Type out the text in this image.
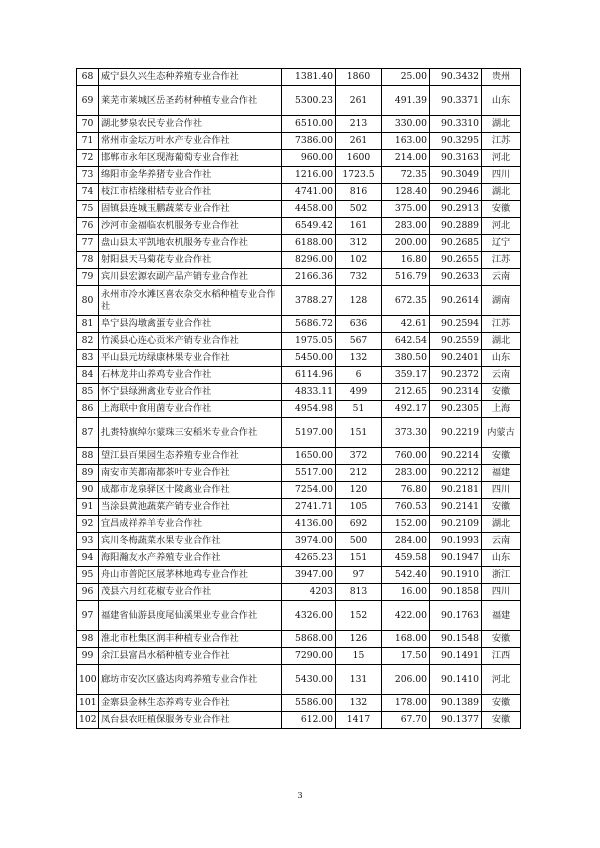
68	威宁县久兴生态种养殖专业合作社	1381.40	1860	25.00	90.3432	贵州
69	莱芜市莱城区岳圣药材种植专业合作社	5300.23	261	491.39	90.3371	山东
70	湖北梦泉农民专业合作社	6510.00	213	330.00	90.3310	湖北
71	常州市金坛万叶水产专业合作社	7386.00	261	163.00	90.3295	江苏
72	邯郸市永年区现海葡萄专业合作社	960.00	1600	214.00	90.3163	河北
73	绵阳市金华养猪专业合作社	1216.00	1723.5	72.35	90.3049	四川
74	枝江市桔缘柑桔专业合作社	4741.00	816	128.40	90.2946	湖北
75	固镇县连城玉鹏蔬菜专业合作社	4458.00	502	375.00	90.2913	安徽
76	沙河市金福临农机服务专业合作社	6549.42	161	283.00	90.2889	河北
77	盘山县太平凯地农机服务专业合作社	6188.00	312	200.00	90.2685	辽宁
78	射阳县天马菊花专业合作社	8296.00	102	16.80	90.2655	江苏
79	宾川县宏源农副产品产销专业合作社	2166.36	732	516.79	90.2633	云南
80	永州市冷水滩区喜农杂交水稻种植专业合作社	3788.27	128	672.35	90.2614	湖南
81	阜宁县沟墩禽蛋专业合作社	5686.72	636	42.61	90.2594	江苏
82	竹溪县心连心贡米产销专业合作社	1975.05	567	642.54	90.2559	湖北
83	平山县元坊绿康林果专业合作社	5450.00	132	380.50	90.2401	山东
84	石林龙井山养鸡专业合作社	6114.96	6	359.17	90.2372	云南
85	怀宁县绿洲禽业专业合作社	4833.11	499	212.65	90.2314	安徽
86	上海联中食用菌专业合作社	4954.98	51	492.17	90.2305	上海
87	扎赉特旗绰尔蒙珠三安稻米专业合作社	5197.00	151	373.30	90.2219	内蒙古
88	望江县百果园生态养殖专业合作社	1650.00	372	760.00	90.2214	安徽
89	南安市芙都南都茶叶专业合作社	5517.00	212	283.00	90.2212	福建
90	成都市龙泉驿区十陵禽业合作社	7254.00	120	76.80	90.2181	四川
91	当涂县黄池蔬菜产销专业合作社	2741.71	105	760.53	90.2141	安徽
92	宜昌成祥养羊专业合作社	4136.00	692	152.00	90.2109	湖北
93	宾川冬梅蔬菜水果专业合作社	3974.00	500	284.00	90.1993	云南
94	海阳瀚友水产养殖专业合作社	4265.23	151	459.58	90.1947	山东
95	舟山市普陀区展茅林地鸡专业合作社	3947.00	97	542.40	90.1910	浙江
96	茂县六月红花椒专业合作社	4203	813	16.00	90.1858	四川
97	福建省仙游县度尾仙溪果业专业合作社	4326.00	152	422.00	90.1763	福建
98	淮北市杜集区润丰种植专业合作社	5868.00	126	168.00	90.1548	安徽
99	余江县富昌水稻种植专业合作社	7290.00	15	17.50	90.1491	江西
100	廊坊市安次区盛达肉鸡养殖专业合作社	5430.00	131	206.00	90.1410	河北
101	金寨县金林生态养鸡专业合作社	5586.00	132	178.00	90.1389	安徽
102	凤台县农旺植保服务专业合作社	612.00	1417	67.70	90.1377	安徽
3
